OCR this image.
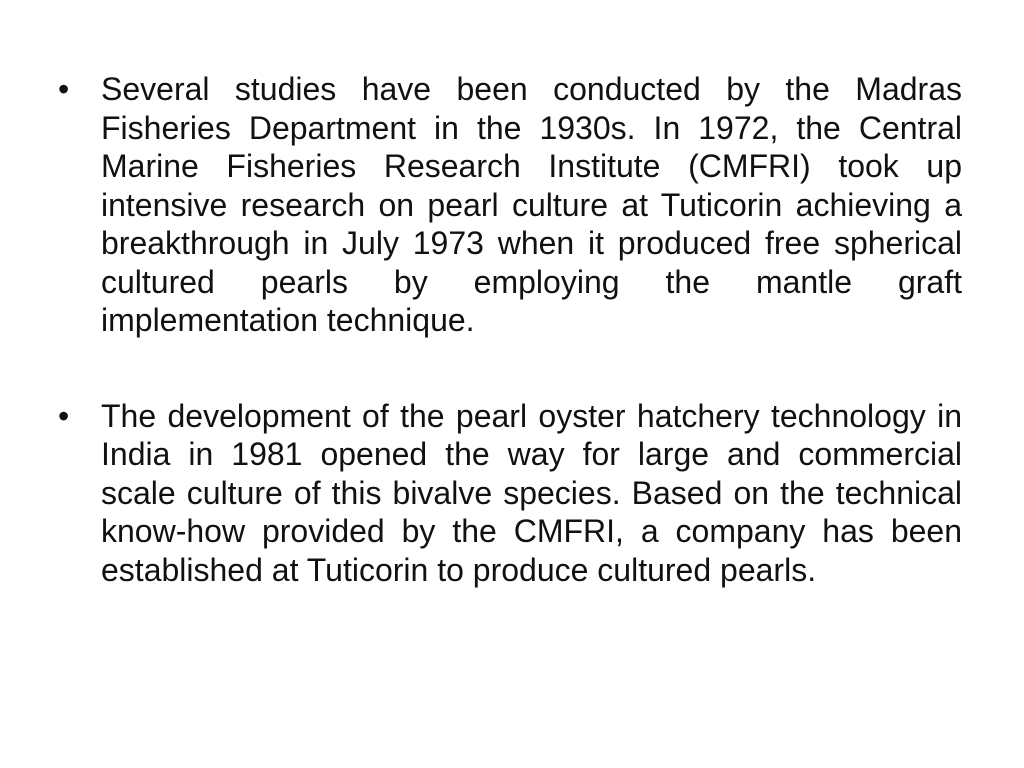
• Several studies have been conducted by the Madras Fisheries Department in the 1930s. In 1972, the Central Marine Fisheries Research Institute (CMFRI) took up intensive research on pearl culture at Tuticorin achieving a breakthrough in July 1973 when it produced free spherical cultured pearls by employing the mantle graft implementation technique.
• The development of the pearl oyster hatchery technology in India in 1981 opened the way for large and commercial scale culture of this bivalve species. Based on the technical know-how provided by the CMFRI, a company has been established at Tuticorin to produce cultured pearls.
